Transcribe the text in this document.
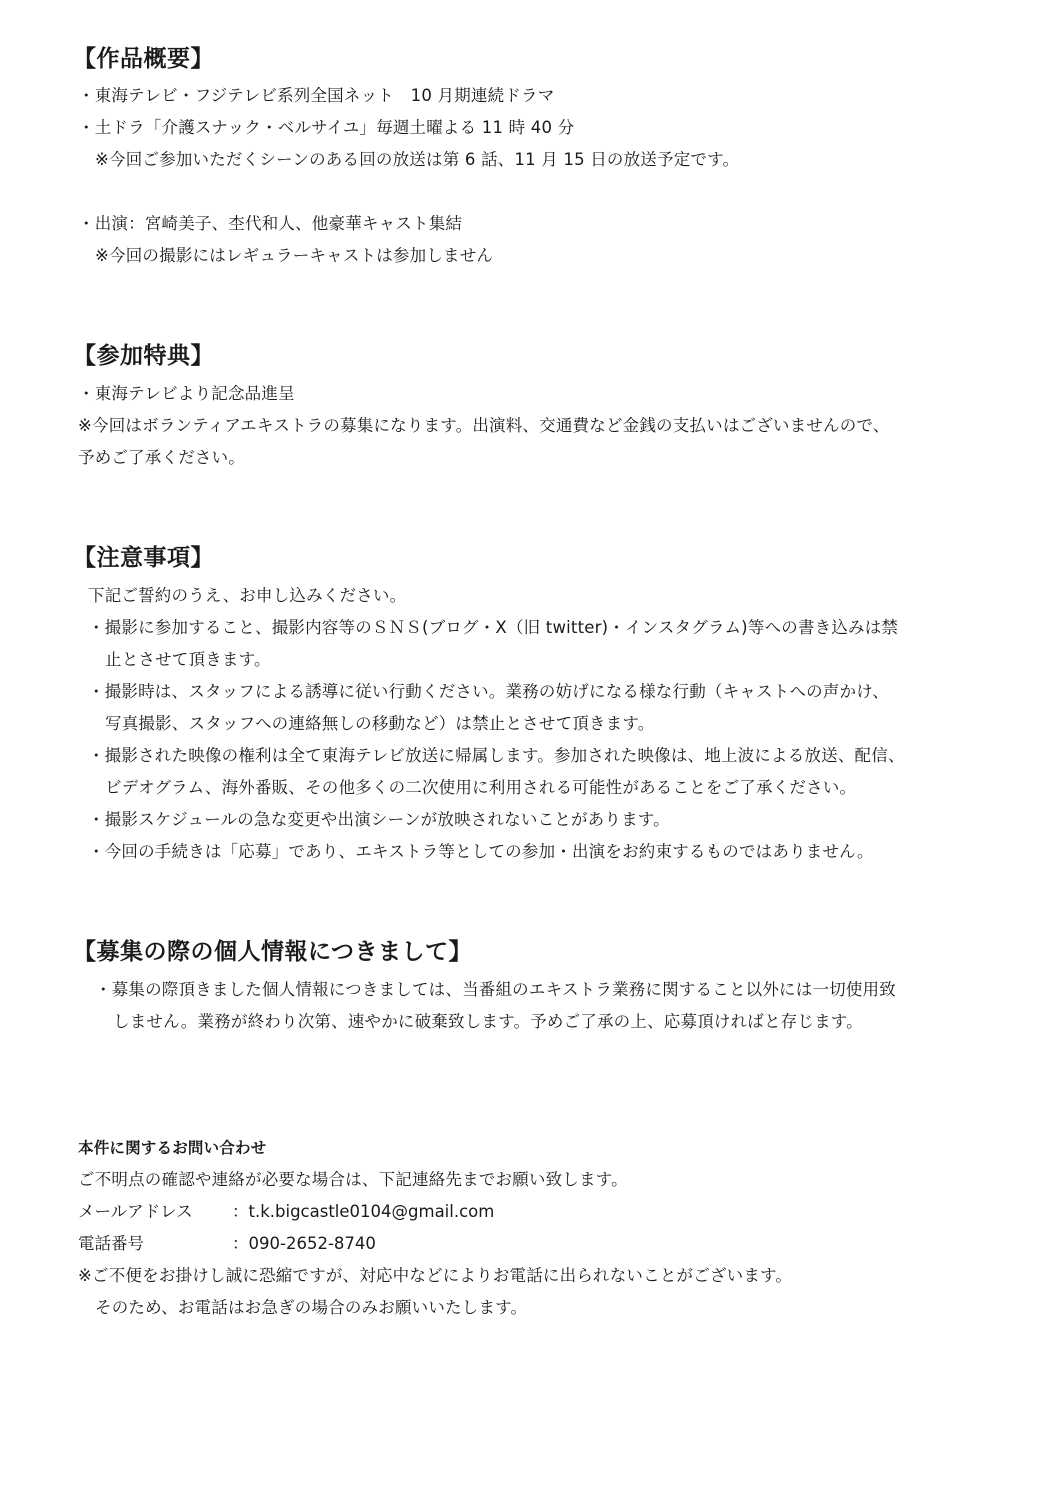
【作品概要】
・東海テレビ・フジテレビ系列全国ネット　10 月期連続ドラマ
・土ドラ「介護スナック・ベルサイユ」毎週土曜よる 11 時 40 分
※今回ご参加いただくシーンのある回の放送は第 6 話、11 月 15 日の放送予定です。
・出演：宮崎美子、杢代和人、他豪華キャスト集結
※今回の撮影にはレギュラーキャストは参加しません
【参加特典】
・東海テレビより記念品進呈
※今回はボランティアエキストラの募集になります。出演料、交通費など金銭の支払いはございませんので、
予めご了承ください。
【注意事項】
下記ご誓約のうえ、お申し込みください。
・撮影に参加すること、撮影内容等のＳＮＳ(ブログ・X（旧 twitter)・インスタグラム)等への書き込みは禁
止とさせて頂きます。
・撮影時は、スタッフによる誘導に従い行動ください。業務の妨げになる様な行動（キャストへの声かけ、
写真撮影、スタッフへの連絡無しの移動など）は禁止とさせて頂きます。
・撮影された映像の権利は全て東海テレビ放送に帰属します。参加された映像は、地上波による放送、配信、
ビデオグラム、海外番販、その他多くの二次使用に利用される可能性があることをご了承ください。
・撮影スケジュールの急な変更や出演シーンが放映されないことがあります。
・今回の手続きは「応募」であり、エキストラ等としての参加・出演をお約束するものではありません。
【募集の際の個人情報につきまして】
・募集の際頂きました個人情報につきましては、当番組のエキストラ業務に関すること以外には一切使用致
しません。業務が終わり次第、速やかに破棄致します。予めご了承の上、応募頂ければと存じます。
本件に関するお問い合わせ
ご不明点の確認や連絡が必要な場合は、下記連絡先までお願い致します。
メールアドレス ：t.k.bigcastle0104@gmail.com
電話番号	：090-2652-8740
※ご不便をお掛けし誠に恐縮ですが、対応中などによりお電話に出られないことがございます。
そのため、お電話はお急ぎの場合のみお願いいたします。
